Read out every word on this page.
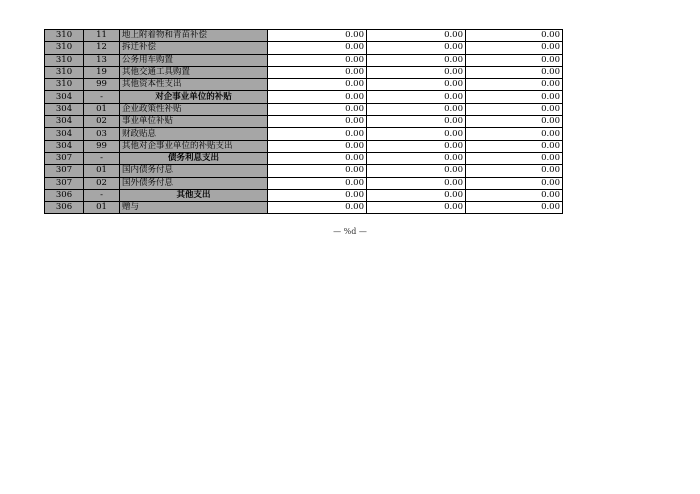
310	11	地上附着物和青苗补偿	0.00	0.00	0.00
310	12	拆迁补偿	0.00	0.00	0.00
310	13	公务用车购置	0.00	0.00	0.00
310	19	其他交通工具购置	0.00	0.00	0.00
310	99	其他资本性支出	0.00	0.00	0.00
304	-	对企事业单位的补贴	0.00	0.00	0.00
304	01	企业政策性补贴	0.00	0.00	0.00
304	02	事业单位补贴	0.00	0.00	0.00
304	03	财政贴息	0.00	0.00	0.00
304	99	其他对企事业单位的补贴支出	0.00	0.00	0.00
307	-	债务利息支出	0.00	0.00	0.00
307	01	国内债务付息	0.00	0.00	0.00
307	02	国外债务付息	0.00	0.00	0.00
306	-	其他支出	0.00	0.00	0.00
306	01	赠与	0.00	0.00	0.00
— %d —
